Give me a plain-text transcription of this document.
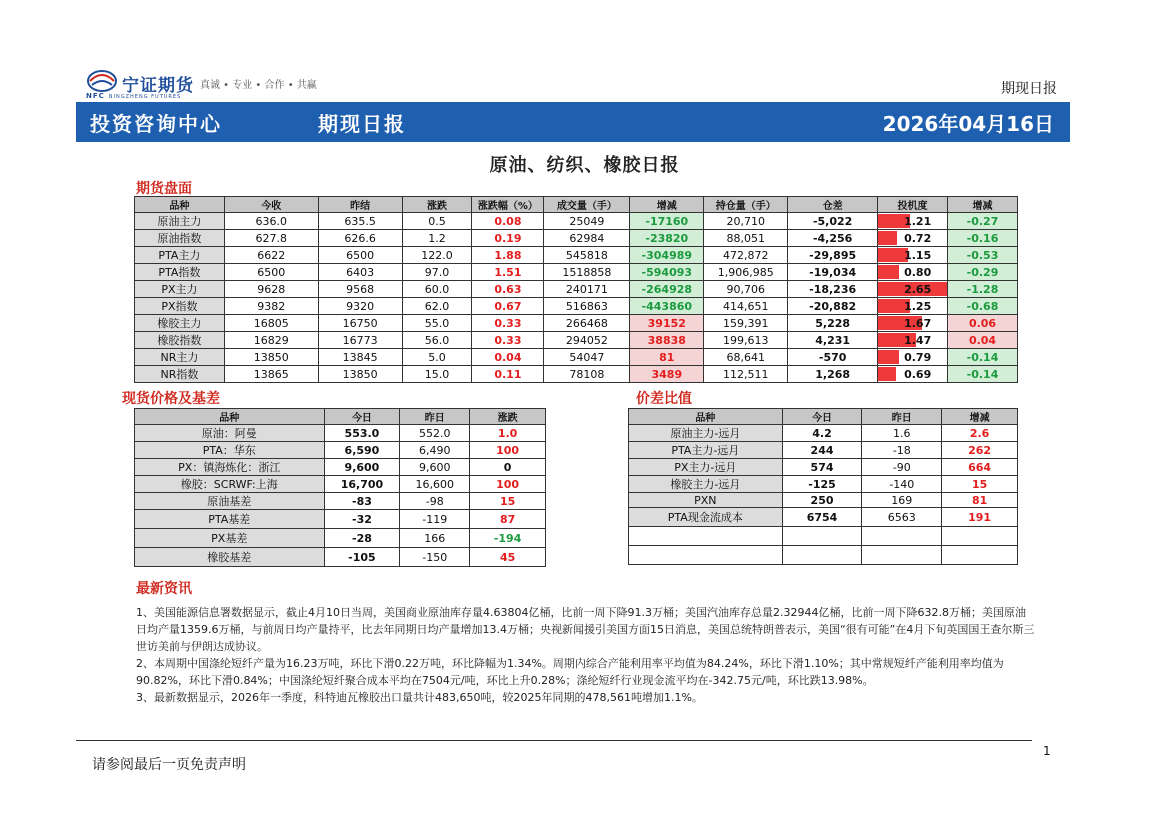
宁证期货 真诚 • 专业 • 合作 • 共赢
NFC NINGZHENG FUTURES	期现日报
投资咨询中心	期现日报	2026年04月16日
原油、纺织、橡胶日报
期货盘面
品种	今收	昨结	涨跌	涨跌幅（%）	成交量（手）	增减	持仓量（手）	仓差	投机度	增减
原油主力	636.0	635.5	0.5	0.08	25049	-17160	20,710	-5,022	1.21	-0.27
原油指数	627.8	626.6	1.2	0.19	62984	-23820	88,051	-4,256	0.72	-0.16
PTA主力	6622	6500	122.0	1.88	545818	-304989	472,872	-29,895	1.15	-0.53
PTA指数	6500	6403	97.0	1.51	1518858	-594093	1,906,985	-19,034	0.80	-0.29
PX主力	9628	9568	60.0	0.63	240171	-264928	90,706	-18,236	2.65	-1.28
PX指数	9382	9320	62.0	0.67	516863	-443860	414,651	-20,882	1.25	-0.68
橡胶主力	16805	16750	55.0	0.33	266468	39152	159,391	5,228	1.67	0.06
橡胶指数	16829	16773	56.0	0.33	294052	38838	199,613	4,231	1.47	0.04
NR主力	13850	13845	5.0	0.04	54047	81	68,641	-570	0.79	-0.14
NR指数	13865	13850	15.0	0.11	78108	3489	112,511	1,268	0.69	-0.14
现货价格及基差
品种	今日	昨日	涨跌
原油：阿曼	553.0	552.0	1.0
PTA：华东	6,590	6,490	100
PX：镇海炼化：浙江	9,600	9,600	0
橡胶：SCRWF:上海	16,700	16,600	100
原油基差	-83	-98	15
PTA基差	-32	-119	87
PX基差	-28	166	-194
橡胶基差	-105	-150	45
价差比值
品种	今日	昨日	增减
原油主力-远月	4.2	1.6	2.6
PTA主力-远月	244	-18	262
PX主力-远月	574	-90	664
橡胶主力-远月	-125	-140	15
PXN	250	169	81
PTA现金流成本	6754	6563	191

最新资讯

1、美国能源信息署数据显示，截止4月10日当周，美国商业原油库存量4.63804亿桶，比前一周下降91.3万桶；美国汽油库存总量2.32944亿桶，比前一周下降632.8万桶；美国原油日均产量1359.6万桶，与前周日均产量持平，比去年同期日均产量增加13.4万桶；央视新闻援引美国方面15日消息，美国总统特朗普表示，美国“很有可能”在4月下旬英国国王查尔斯三世访美前与伊朗达成协议。

2、本周期中国涤纶短纤产量为16.23万吨，环比下滑0.22万吨，环比降幅为1.34%。周期内综合产能利用率平均值为84.24%，环比下滑1.10%；其中常规短纤产能利用率均值为90.82%，环比下滑0.84%；中国涤纶短纤聚合成本平均在7504元/吨，环比上升0.28%；涤纶短纤行业现金流平均在-342.75元/吨，环比跌13.98%。

3、最新数据显示，2026年一季度，科特迪瓦橡胶出口量共计483,650吨，较2025年同期的478,561吨增加1.1%。

1
请参阅最后一页免责声明
